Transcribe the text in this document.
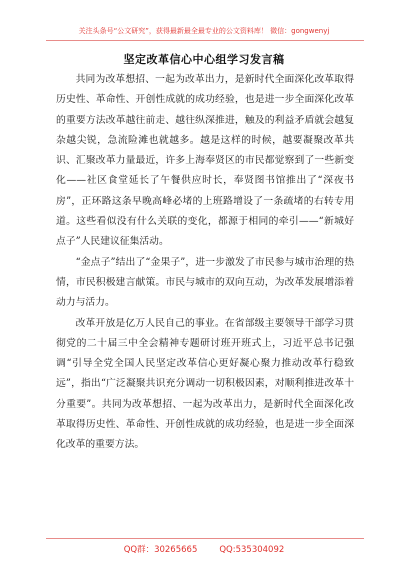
关注头条号“公文研究”，获得最新最全最专业的公文资料库！ 微信：gongwenyj
坚定改革信心中心组学习发言稿

共同为改革想招、一起为改革出力，是新时代全面深化改革取得历史性、革命性、开创性成就的成功经验，也是进一步全面深化改革的重要方法改革越往前走、越往纵深推进，触及的利益矛盾就会越复杂越尖锐，急流险滩也就越多。越是这样的时候，越要凝聚改革共识、汇聚改革力量最近，许多上海奉贤区的市民都觉察到了一些新变化——社区食堂延长了午餐供应时长，奉贤图书馆推出了“深夜书房”，正环路这条早晚高峰必堵的上班路增设了一条疏堵的右转专用道。这些看似没有什么关联的变化，都源于相同的牵引——“新城好点子”人民建议征集活动。

“金点子”结出了“金果子”，进一步激发了市民参与城市治理的热情，市民积极建言献策。市民与城市的双向互动，为改革发展增添着动力与活力。

改革开放是亿万人民自己的事业。在省部级主要领导干部学习贯彻党的二十届三中全会精神专题研讨班开班式上，习近平总书记强调“引导全党全国人民坚定改革信心更好凝心聚力推动改革行稳致远”，指出“广泛凝聚共识充分调动一切积极因素，对顺利推进改革十分重要”。共同为改革想招、一起为改革出力，是新时代全面深化改革取得历史性、革命性、开创性成就的成功经验，也是进一步全面深化改革的重要方法。

QQ群：30265665	QQ:535304092
